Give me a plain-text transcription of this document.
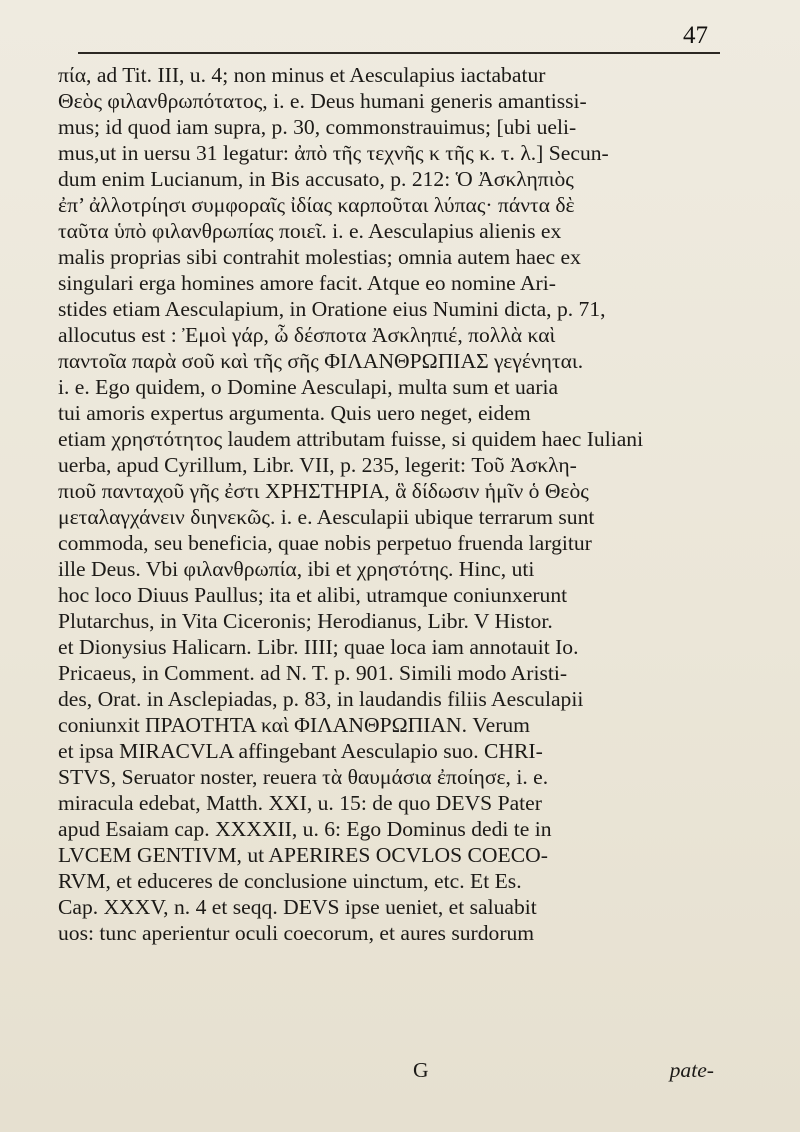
47
πία, ad Tit. III, u. 4; non minus et Aesculapius iactabatur
Θεὸς φιλανθρωπότατος, i. e. Deus humani generis amantissi-
mus; id quod iam supra, p. 30, commonstrauimus; [ubi ueli-
mus,ut in uersu 31 legatur: ἀπὸ τῆς τεχνῆς κ τῆς κ. τ. λ.] Secun-
dum enim Lucianum, in Bis accusato, p. 212: Ὁ Ἀσκληπιὸς
ἐπ’ ἀλλοτρίησι συμφοραῖς ἰδίας καρποῦται λύπας· πάντα δὲ
ταῦτα ὑπὸ φιλανθρωπίας ποιεῖ. i. e. Aesculapius alienis ex
malis proprias sibi contrahit molestias; omnia autem haec ex
singulari erga homines amore facit. Atque eo nomine Ari-
stides etiam Aesculapium, in Oratione eius Numini dicta, p. 71,
allocutus est : Ἐμοὶ γάρ, ὦ δέσποτα Ἀσκληπιέ, πολλὰ καὶ
παντοῖα παρὰ σοῦ καὶ τῆς σῆς ΦΙΛΑΝΘΡΩΠΙΑΣ γεγένηται.
i. e. Ego quidem, o Domine Aesculapi, multa sum et uaria
tui amoris expertus argumenta. Quis uero neget, eidem
etiam χρηστότητος laudem attributam fuisse, si quidem haec Iuliani
uerba, apud Cyrillum, Libr. VII, p. 235, legerit: Τοῦ Ἀσκλη-
πιοῦ πανταχοῦ γῆς ἐστι ΧΡΗΣΤΗΡΙΑ, ἃ δίδωσιν ἡμῖν ὁ Θεὸς
μεταλαγχάνειν διηνεκῶς. i. e. Aesculapii ubique terrarum sunt
commoda, seu beneficia, quae nobis perpetuo fruenda largitur
ille Deus. Vbi φιλανθρωπία, ibi et χρηστότης. Hinc, uti
hoc loco Diuus Paullus; ita et alibi, utramque coniunxerunt
Plutarchus, in Vita Ciceronis; Herodianus, Libr. V Histor.
et Dionysius Halicarn. Libr. IIII; quae loca iam annotauit Io.
Pricaeus, in Comment. ad N. T. p. 901. Simili modo Aristi-
des, Orat. in Asclepiadas, p. 83, in laudandis filiis Aesculapii
coniunxit ΠΡΑΟΤΗΤΑ καὶ ΦΙΛΑΝΘΡΩΠΙΑΝ. Verum
et ipsa MIRACVLA affingebant Aesculapio suo. CHRI-
STVS, Seruator noster, reuera τὰ θαυμάσια ἐποίησε, i. e.
miracula edebat, Matth. XXI, u. 15: de quo DEVS Pater
apud Esaiam cap. XXXXII, u. 6: Ego Dominus dedi te in
LVCEM GENTIVM, ut APERIRES OCVLOS COECO-
RVM, et educeres de conclusione uinctum, etc. Et Es.
Cap. XXXV, n. 4 et seqq. DEVS ipse ueniet, et saluabit
uos: tunc aperientur oculi coecorum, et aures surdorum
G	pate-
